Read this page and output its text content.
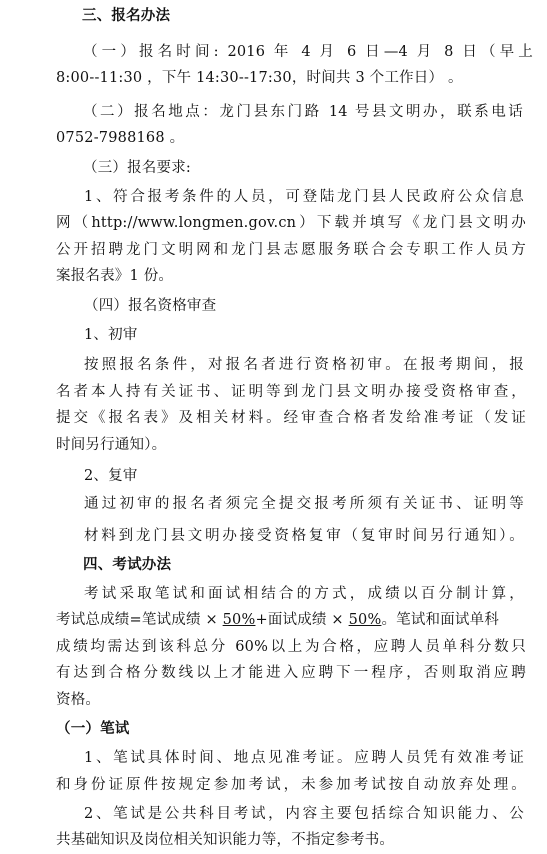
三、报名办法
（一）报名时间: 2016 年 4 月 6 日—4 月 8 日（早上
8:00--11:30 ，下午 14:30--17:30，时间共 3 个工作日） 。
（二）报名地点：龙门县东门路 14 号县文明办，联系电话
0752-7988168 。
（三）报名要求:
1、符合报考条件的人员，可登陆龙门县人民政府公众信息
网（http://www.longmen.gov.cn）下载并填写《龙门县文明办
公开招聘龙门文明网和龙门县志愿服务联合会专职工作人员方
案报名表》1 份。
（四）报名资格审查
1、初审
按照报名条件，对报名者进行资格初审。在报考期间，报
名者本人持有关证书、证明等到龙门县文明办接受资格审查，
提交《报名表》及相关材料。经审查合格者发给准考证（发证
时间另行通知）。
2、复审
通过初审的报名者须完全提交报考所须有关证书、证明等
材料到龙门县文明办接受资格复审（复审时间另行通知）。
四、考试办法
考试采取笔试和面试相结合的方式，成绩以百分制计算，
考试总成绩=笔试成绩 × 50%+面试成绩 × 50%。笔试和面试单科
成绩均需达到该科总分 60%以上为合格，应聘人员单科分数只
有达到合格分数线以上才能进入应聘下一程序，否则取消应聘
资格。
（一）笔试
1、笔试具体时间、地点见准考证。应聘人员凭有效准考证
和身份证原件按规定参加考试，未参加考试按自动放弃处理。
2、笔试是公共科目考试，内容主要包括综合知识能力、公
共基础知识及岗位相关知识能力等，不指定参考书。
